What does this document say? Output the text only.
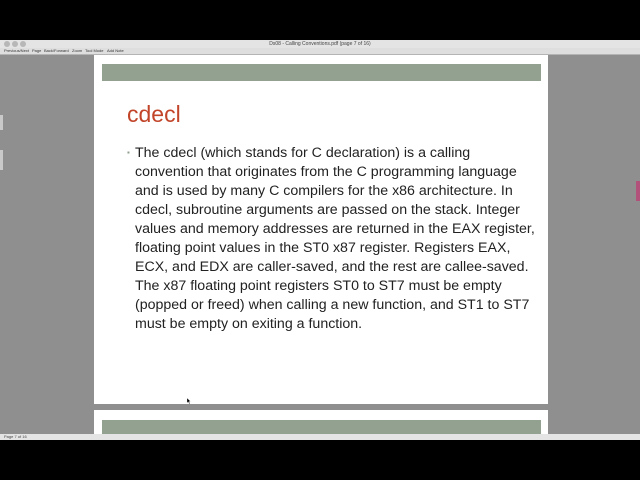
Ds08 - Calling Conventions.pdf (page 7 of 16)
Previous/Next Page Back/Forward Zoom Tool Mode Add Note
cdecl
▪ The cdecl (which stands for C declaration) is a calling convention that originates from the C programming language and is used by many C compilers for the x86 architecture. In cdecl, subroutine arguments are passed on the stack. Integer values and memory addresses are returned in the EAX register, floating point values in the ST0 x87 register. Registers EAX, ECX, and EDX are caller-saved, and the rest are callee-saved. The x87 floating point registers ST0 to ST7 must be empty (popped or freed) when calling a new function, and ST1 to ST7 must be empty on exiting a function.
Page 7 of 16
